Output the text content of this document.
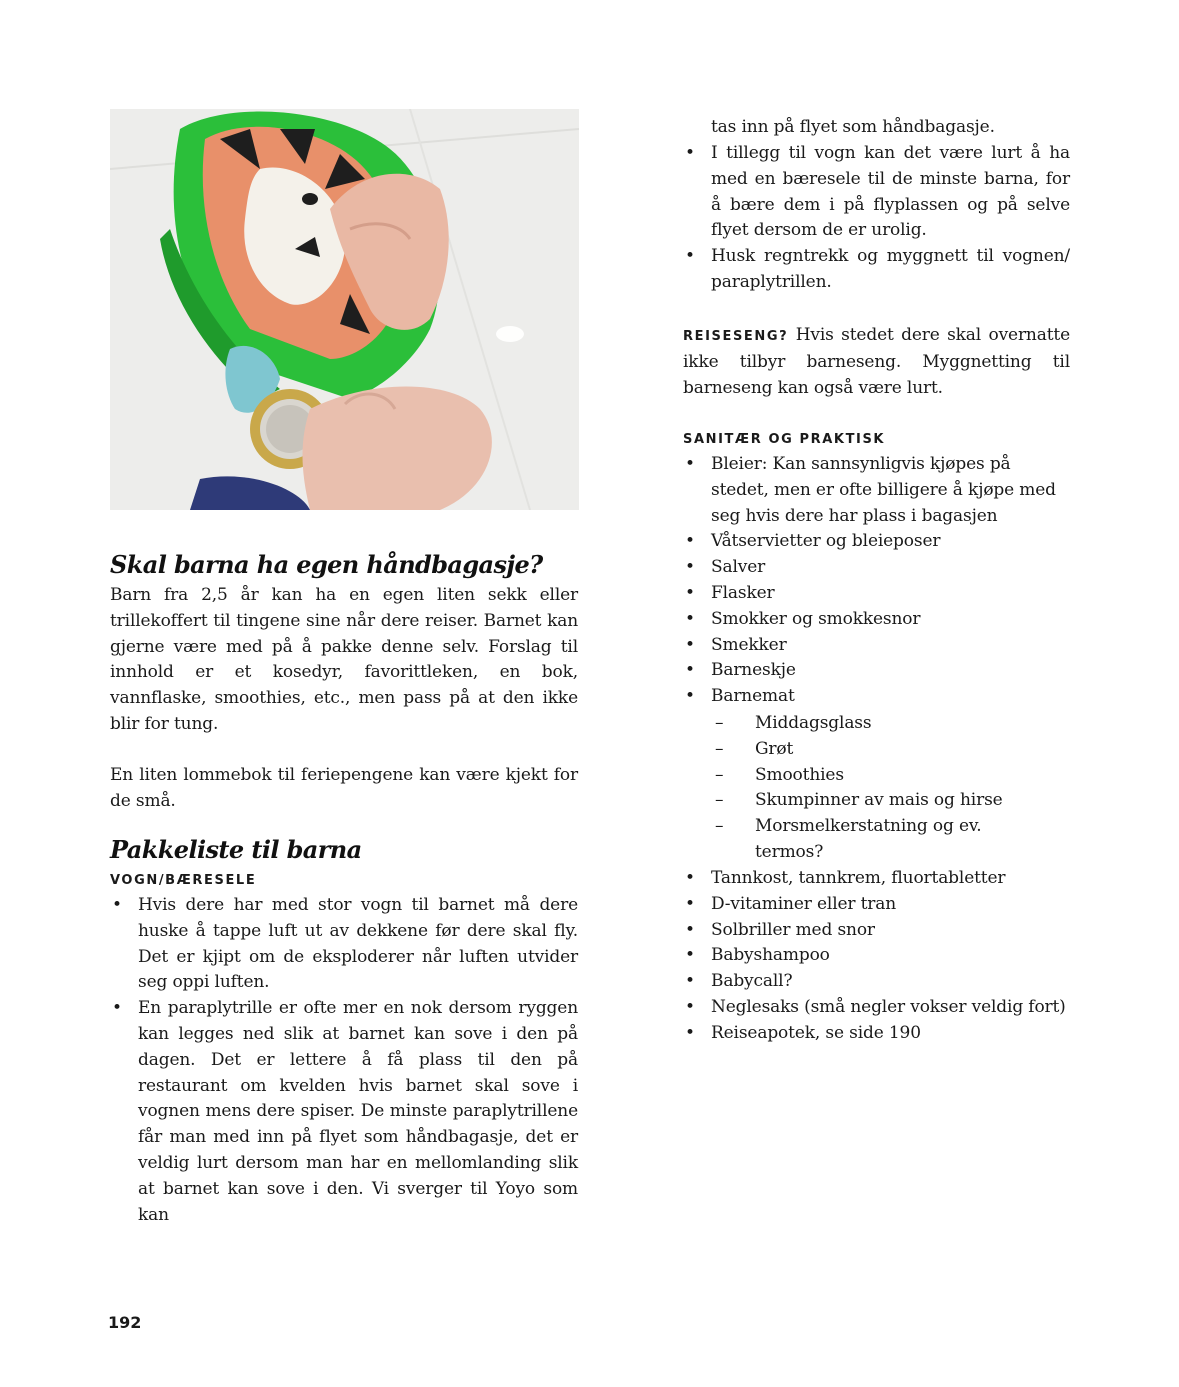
Skal barna ha egen håndbagasje?

Barn fra 2,5 år kan ha en egen liten sekk eller trillekoffert til tingene sine når dere reiser. Barnet kan gjerne være med på å pakke denne selv. Forslag til innhold er et kosedyr, favorittleken, en bok, vannflaske, smoothies, etc., men pass på at den ikke blir for tung.

En liten lommebok til feriepengene kan være kjekt for de små.

Pakkeliste til barna
VOGN/BÆRESELE
• Hvis dere har med stor vogn til barnet må dere huske å tappe luft ut av dekkene før dere skal fly. Det er kjipt om de eksploderer når luften utvider seg oppi luften.
• En paraplytrille er ofte mer en nok dersom ryggen kan legges ned slik at barnet kan sove i den på dagen. Det er lettere å få plass til den på restaurant om kvelden hvis barnet skal sove i vognen mens dere spiser. De minste paraplytrillene får man med inn på flyet som håndbagasje, det er veldig lurt dersom man har en mellomlanding slik at barnet kan sove i den. Vi sverger til Yoyo som kan

tas inn på flyet som håndbagasje.

• I tillegg til vogn kan det være lurt å ha med en bæresele til de minste barna, for å bære dem i på flyplassen og på selve flyet dersom de er urolig.
• Husk regntrekk og myggnett til vognen/ paraplytrillen.

REISESENG? Hvis stedet dere skal overnatte ikke tilbyr barneseng. Myggnetting til barneseng kan også være lurt.

SANITÆR OG PRAKTISK
• Bleier: Kan sannsynligvis kjøpes på stedet, men er ofte billigere å kjøpe med seg hvis dere har plass i bagasjen
• Våtservietter og bleieposer
• Salver
• Flasker
• Smokker og smokkesnor
• Smekker
• Barneskje
• Barnemat
– Middagsglass
– Grøt
– Smoothies
– Skumpinner av mais og hirse
– Morsmelkerstatning og ev. termos?
• Tannkost, tannkrem, fluortabletter
• D-vitaminer eller tran
• Solbriller med snor
• Babyshampoo
• Babycall?
• Neglesaks (små negler vokser veldig fort)
• Reiseapotek, se side 190
192
